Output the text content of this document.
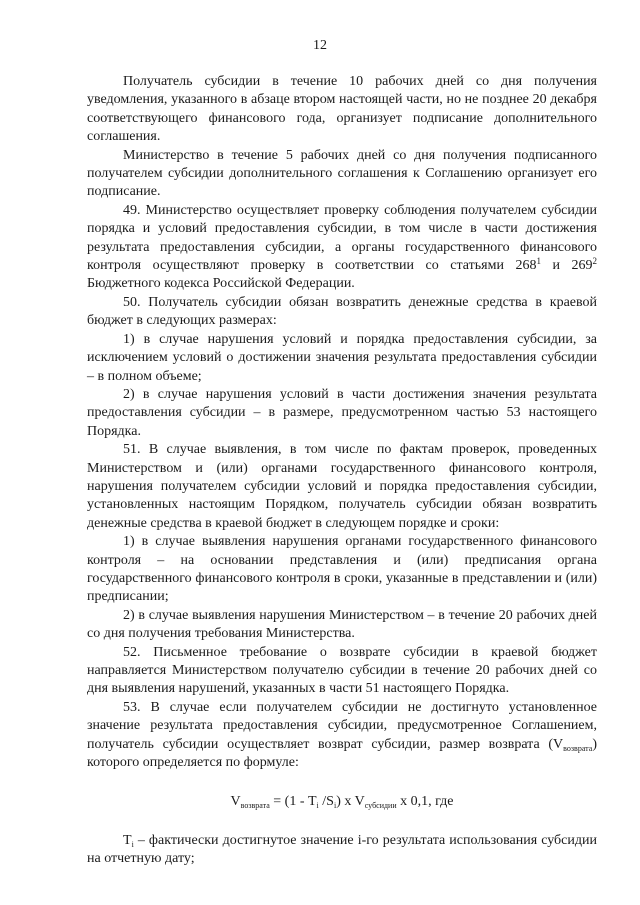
12

Получатель субсидии в течение 10 рабочих дней со дня получения уведомления, указанного в абзаце втором настоящей части, но не позднее 20 декабря соответствующего финансового года, организует подписание дополнительного соглашения.

Министерство в течение 5 рабочих дней со дня получения подписанного получателем субсидии дополнительного соглашения к Соглашению организует его подписание.

49. Министерство осуществляет проверку соблюдения получателем субсидии порядка и условий предоставления субсидии, в том числе в части достижения результата предоставления субсидии, а органы государственного финансового контроля осуществляют проверку в соответствии со статьями $268^1$ и $269^2$ Бюджетного кодекса Российской Федерации.

50. Получатель субсидии обязан возвратить денежные средства в краевой бюджет в следующих размерах:

1) в случае нарушения условий и порядка предоставления субсидии, за исключением условий о достижении значения результата предоставления субсидии – в полном объеме;

2) в случае нарушения условий в части достижения значения результата предоставления субсидии – в размере, предусмотренном частью 53 настоящего Порядка.

51. В случае выявления, в том числе по фактам проверок, проведенных Министерством и (или) органами государственного финансового контроля, нарушения получателем субсидии условий и порядка предоставления субсидии, установленных настоящим Порядком, получатель субсидии обязан возвратить денежные средства в краевой бюджет в следующем порядке и сроки:

1) в случае выявления нарушения органами государственного финансового контроля – на основании представления и (или) предписания органа государственного финансового контроля в сроки, указанные в представлении и (или) предписании;

2) в случае выявления нарушения Министерством – в течение 20 рабочих дней со дня получения требования Министерства.

52. Письменное требование о возврате субсидии в краевой бюджет направляется Министерством получателю субсидии в течение 20 рабочих дней со дня выявления нарушений, указанных в части 51 настоящего Порядка.

53. В случае если получателем субсидии не достигнуто установленное значение результата предоставления субсидии, предусмотренное Соглашением, получатель субсидии осуществляет возврат субсидии, размер возврата $(V_{возврата})$ которого определяется по формуле:

$V_{возврата} = (1 - T_i$ $/S_i$) x $V_{субсидии}$ x 0,1, где

$T_i$ – фактически достигнутое значение i-го результата использования субсидии на отчетную дату;
